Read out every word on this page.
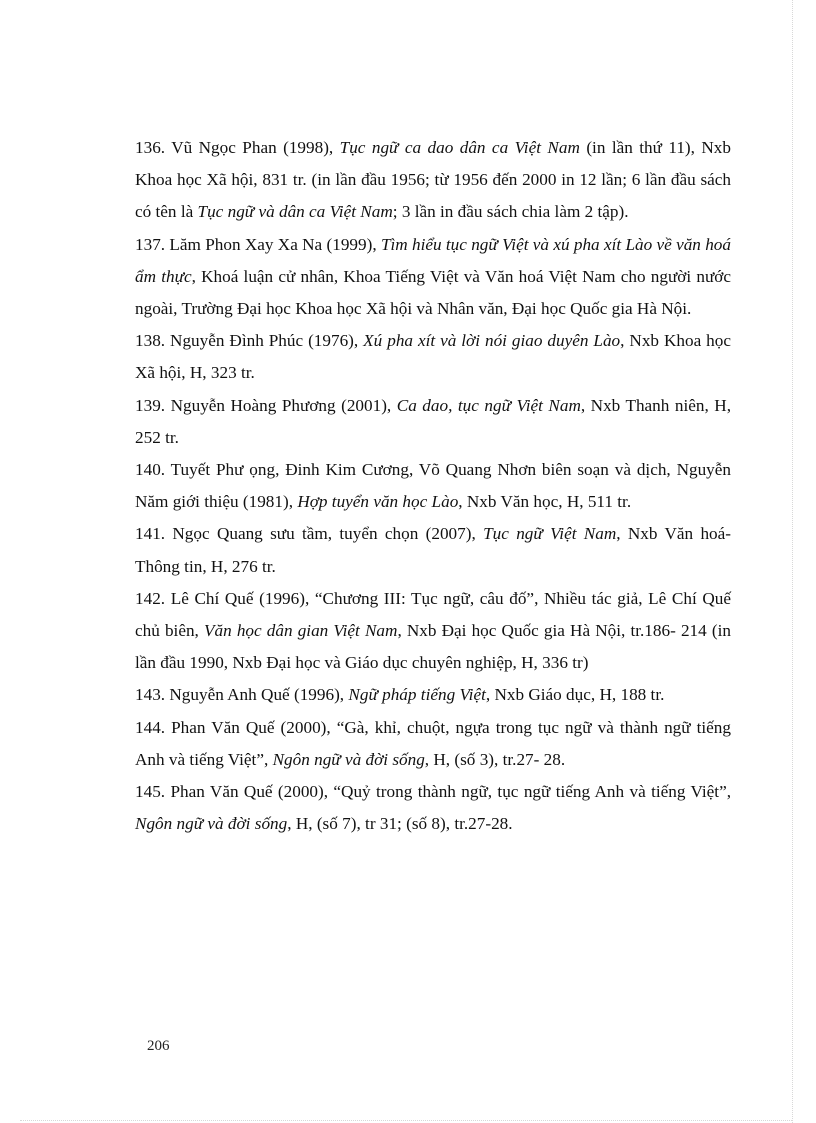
136. Vũ Ngọc Phan (1998), Tục ngữ ca dao dân ca Việt Nam (in lần thứ 11), Nxb Khoa học Xã hội, 831 tr. (in lần đầu 1956; từ 1956 đến 2000 in 12 lần; 6 lần đầu sách có tên là Tục ngữ và dân ca Việt Nam; 3 lần in đầu sách chia làm 2 tập).

137. Lăm Phon Xay Xa Na (1999), Tìm hiểu tục ngữ Việt và xú pha xít Lào về văn hoá ẩm thực, Khoá luận cử nhân, Khoa Tiếng Việt và Văn hoá Việt Nam cho người nước ngoài, Trường Đại học Khoa học Xã hội và Nhân văn, Đại học Quốc gia Hà Nội.

138. Nguyễn Đình Phúc (1976), Xú pha xít và lời nói giao duyên Lào, Nxb Khoa học Xã hội, H, 323 tr.

139. Nguyễn Hoàng Phương (2001), Ca dao, tục ngữ Việt Nam, Nxb Thanh niên, H, 252 tr.

140. Tuyết Phư ọng, Đinh Kim Cương, Võ Quang Nhơn biên soạn và dịch, Nguyễn Năm giới thiệu (1981), Hợp tuyển văn học Lào, Nxb Văn học, H, 511 tr.

141. Ngọc Quang sưu tầm, tuyển chọn (2007), Tục ngữ Việt Nam, Nxb Văn hoá- Thông tin, H, 276 tr.

142. Lê Chí Quế (1996), “Chương III: Tục ngữ, câu đố”, Nhiều tác giả, Lê Chí Quế chủ biên, Văn học dân gian Việt Nam, Nxb Đại học Quốc gia Hà Nội, tr.186- 214 (in lần đầu 1990, Nxb Đại học và Giáo dục chuyên nghiệp, H, 336 tr)

143. Nguyễn Anh Quế (1996), Ngữ pháp tiếng Việt, Nxb Giáo dục, H, 188 tr.

144. Phan Văn Quế (2000), “Gà, khỉ, chuột, ngựa trong tục ngữ và thành ngữ tiếng Anh và tiếng Việt”, Ngôn ngữ và đời sống, H, (số 3), tr.27- 28.

145. Phan Văn Quế (2000), “Quỷ trong thành ngữ, tục ngữ tiếng Anh và tiếng Việt”, Ngôn ngữ và đời sống, H, (số 7), tr 31; (số 8), tr.27-28.

206
